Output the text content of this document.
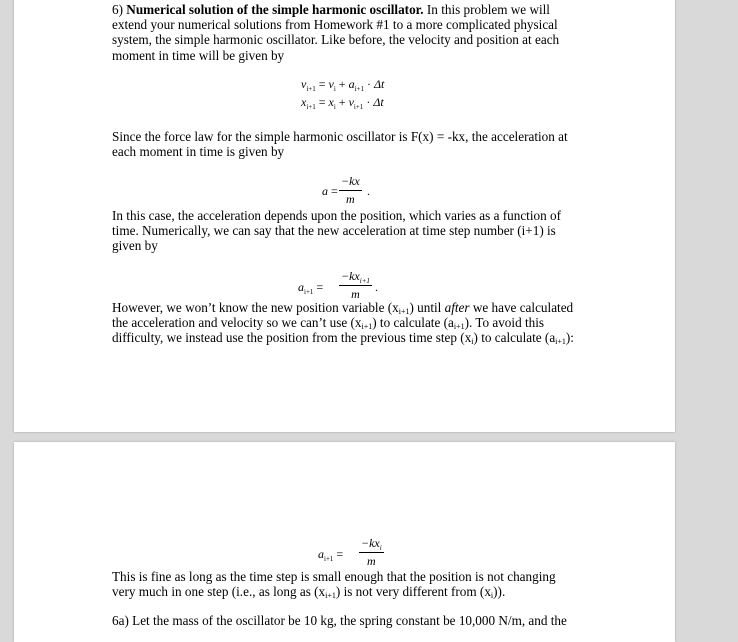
6) Numerical solution of the simple harmonic oscillator. In this problem we will extend your numerical solutions from Homework #1 to a more complicated physical system, the simple harmonic oscillator. Like before, the velocity and position at each moment in time will be given by

$v_{i+1} = v_i + a_{i+1} \cdot \Delta t$
$x_{i+1} = x_i + v_{i+1} \cdot \Delta t$

Since the force law for the simple harmonic oscillator is F(x) = -kx, the acceleration at each moment in time is given by

$a = \frac{-kx}{m}$ .

In this case, the acceleration depends upon the position, which varies as a function of time. Numerically, we can say that the new acceleration at time step number (i+1) is given by

$a_{i+1}$ =
$-kx_{i+1}$
m	.

However, we won’t know the new position variable $(x_{i+1})$ until after we have calculated the acceleration and velocity so we can’t use $(x_{i+1})$ to calculate $(a_{i+1})$. To avoid this difficulty, we instead use the position from the previous time step $(x_i)$ to calculate $(a_{i+1})$:

$a_{i+1}$ =
$-kx_i$
m

This is fine as long as the time step is small enough that the position is not changing very much in one step (i.e., as long as $(x_{i+1})$ is not very different from $(x_i)$).

6a) Let the mass of the oscillator be 10 kg, the spring constant be 10,000 N/m, and the
